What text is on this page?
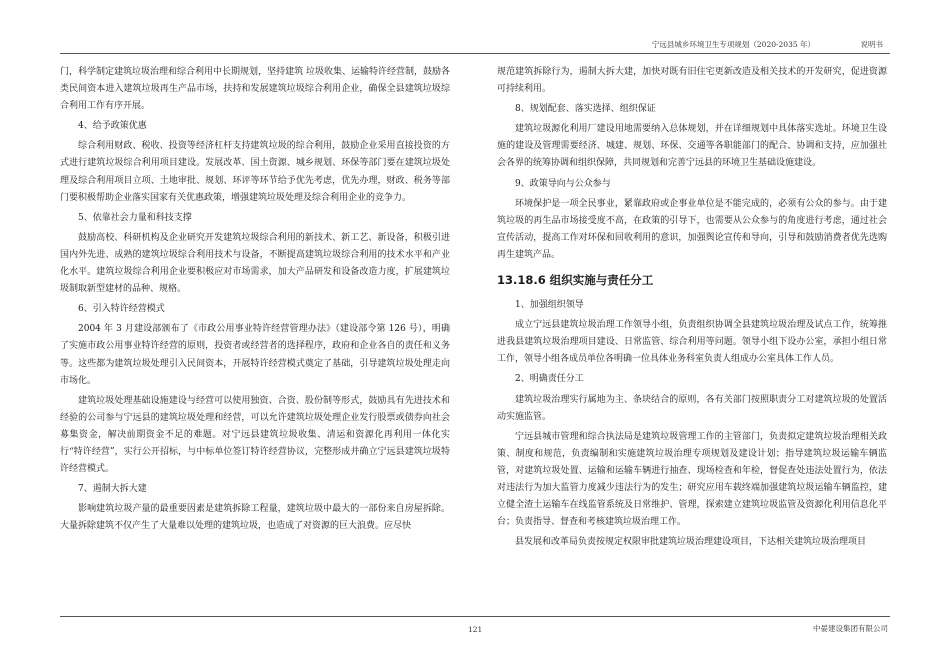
宁远县城乡环境卫生专项规划（2020-2035 年）	说明书

门，科学制定建筑垃圾治理和综合利用中长期规划，坚持建筑 垃圾收集、运输特许经营制，鼓励各类民间资本进入建筑垃圾再生产品市场，扶持和发展建筑垃圾综合利用企业，确保全县建筑垃圾综合利用工作有序开展。

4、给予政策优惠

综合利用财政、税收、投资等经济杠杆支持建筑垃圾的综合利用，鼓励企业采用直接投资的方式进行建筑垃圾综合利用项目建设。发展改革、国土资源、城乡规划、环保等部门要在建筑垃圾处理及综合利用项目立项、土地审批、规划、环评等环节给予优先考虑，优先办理，财政、税务等部门要积极帮助企业落实国家有关优惠政策，增强建筑垃圾处理及综合利用企业的竞争力。

5、依靠社会力量和科技支撑

鼓励高校、科研机构及企业研究开发建筑垃圾综合利用的新技术、新工艺、新设备，积极引进国内外先进、成熟的建筑垃圾综合利用技术与设备，不断提高建筑垃圾综合利用的技术水平和产业化水平。建筑垃圾综合利用企业要积极应对市场需求，加大产品研发和设备改造力度，扩展建筑垃圾制取新型建材的品种、规格。

6、引入特许经营模式

2004 年 3 月建设部颁布了《市政公用事业特许经营管理办法》（建设部令第 126 号），明确了实施市政公用事业特许经营的原则，投资者或经营者的选择程序，政府和企业各自的责任和义务等。这些都为建筑垃圾处理引入民间资本，开展特许经营模式奠定了基础，引导建筑垃圾处理走向市场化。

建筑垃圾处理基础设施建设与经营可以使用独资、合资、股份制等形式，鼓励具有先进技术和经验的公司参与宁远县的建筑垃圾处理和经营，可以允许建筑垃圾处理企业发行股票或债券向社会募集资金，解决前期资金不足的难题。对宁远县建筑垃圾收集、清运和资源化再利用一体化实行“特许经营”，实行公开招标，与中标单位签订特许经营协议，完整形成并确立宁远县建筑垃圾特许经营模式。

7、遏制大拆大建

影响建筑垃圾产量的最重要因素是建筑拆除工程量，建筑垃圾中最大的一部份来自房屋拆除。大量拆除建筑不仅产生了大量难以处理的建筑垃圾，也造成了对资源的巨大浪费。应尽快

规范建筑拆除行为，遏制大拆大建，加快对既有旧住宅更新改造及相关技术的开发研究，促进资源可持续利用。

8、规划配套、落实选择、组织保证

建筑垃圾源化利用厂建设用地需要纳入总体规划，并在详细规划中具体落实选址。环境卫生设施的建设及管理需要经济、城建、规划、环保、交通等各职能部门的配合、协调和支持，应加强社会各界的统筹协调和组织保障，共同规划和完善宁远县的环境卫生基础设施建设。

9、政策导向与公众参与

环境保护是一项全民事业，紧靠政府或企事业单位是不能完成的，必须有公众的参与。由于建筑垃圾的再生品市场接受度不高，在政策的引导下，也需要从公众参与的角度进行考虑，通过社会宣传活动，提高工作对环保和回收利用的意识，加强舆论宣传和导向，引导和鼓励消费者优先选购再生建筑产品。

13.18.6 组织实施与责任分工

1、加强组织领导

成立宁远县建筑垃圾治理工作领导小组，负责组织协调全县建筑垃圾治理及试点工作，统筹推进我县建筑垃圾治理项目建设、日常监管、综合利用等问题。领导小组下设办公室，承担小组日常工作，领导小组各成员单位各明确一位具体业务科室负责人组成办公室具体工作人员。

2、明确责任分工

建筑垃圾治理实行属地为主、条块结合的原则，各有关部门按照职责分工对建筑垃圾的处置活动实施监管。

宁远县城市管理和综合执法局是建筑垃圾管理工作的主管部门，负责拟定建筑垃圾治理相关政策、制度和规范，负责编制和实施建筑垃圾治理专项规划及建设计划；指导建筑垃圾运输车辆监管，对建筑垃圾处置、运输和运输车辆进行抽查、现场检查和年检，督促查处违法处置行为，依法对违法行为加大监管力度减少违法行为的发生；研究应用车载终端加强建筑垃圾运输车辆监控，建立健全渣土运输车在线监管系统及日常维护、管理，探索建立建筑垃圾监管及资源化利用信息化平台；负责指导、督查和考核建筑垃圾治理工作。

县发展和改革局负责按规定权限审批建筑垃圾治理建设项目，下达相关建筑垃圾治理项目

121	中晏建设集团有限公司
